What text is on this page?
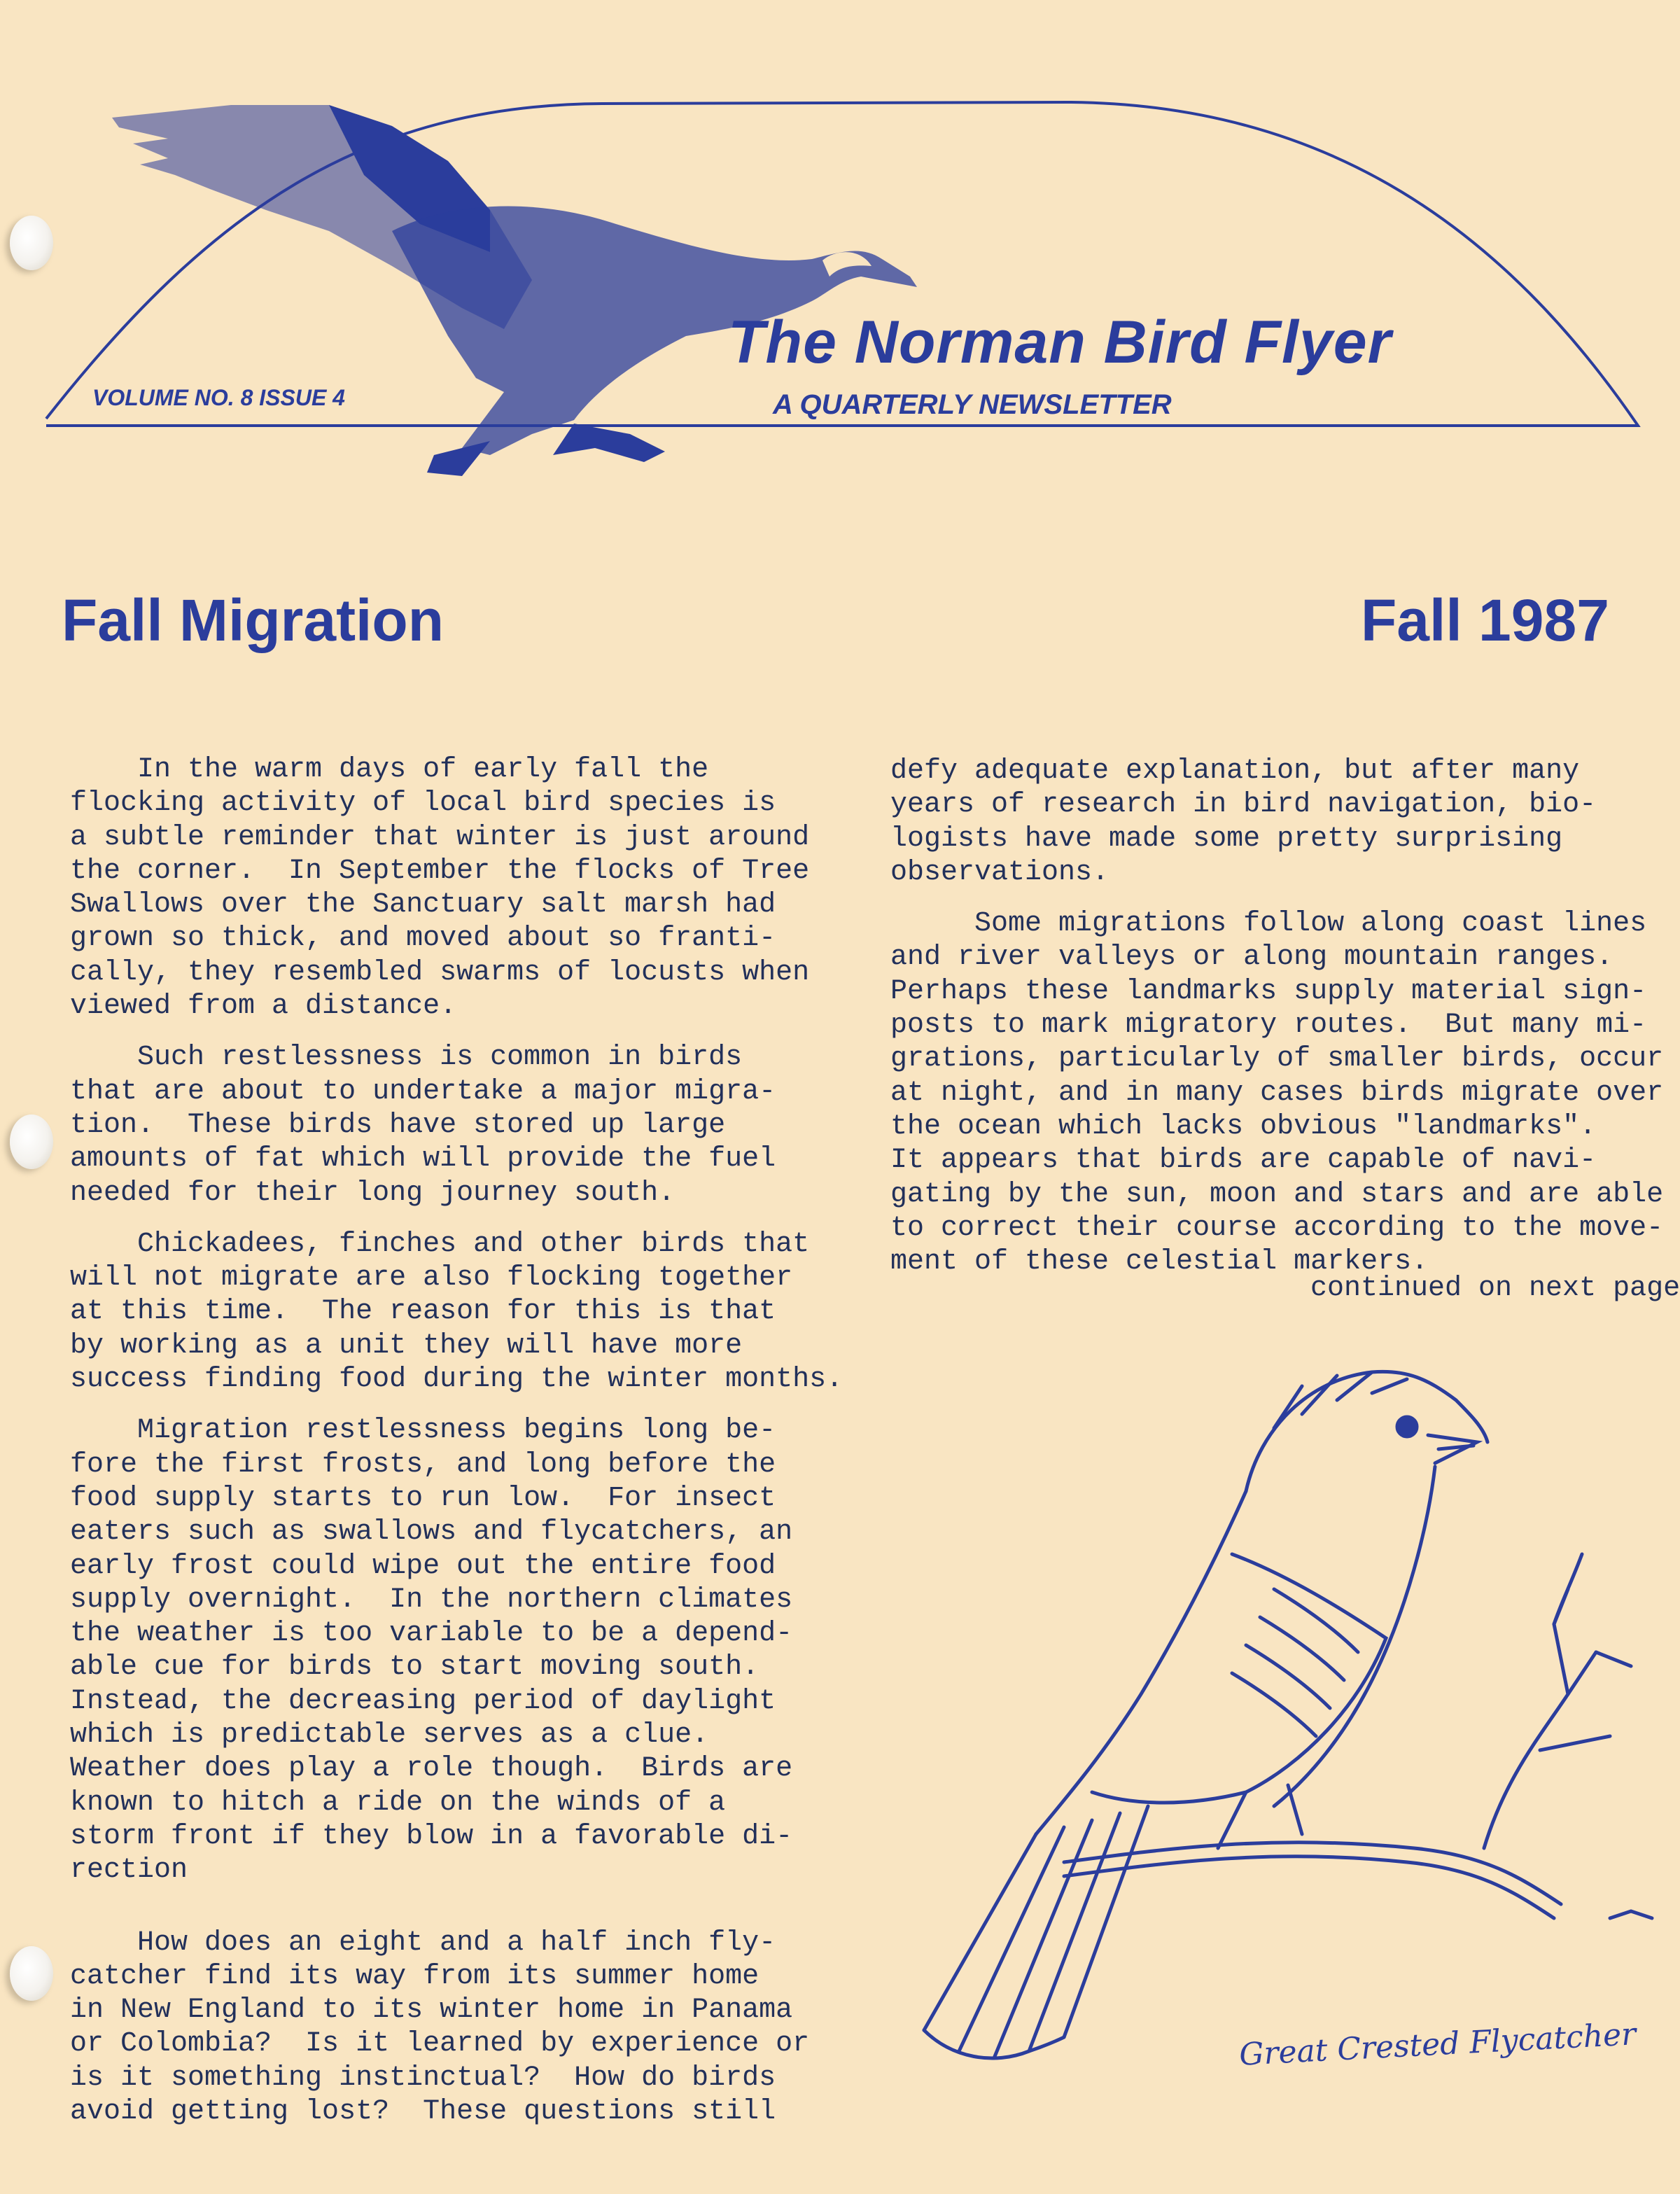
The Norman Bird Flyer
A QUARTERLY NEWSLETTER
VOLUME NO. 8 ISSUE 4
Fall Migration	Fall 1987

In the warm days of early fall the
flocking activity of local bird species is
a subtle reminder that winter is just around
the corner.  In September the flocks of Tree
Swallows over the Sanctuary salt marsh had
grown so thick, and moved about so franti-
cally, they resembled swarms of locusts when
viewed from a distance.

Such restlessness is common in birds
that are about to undertake a major migra-
tion.  These birds have stored up large
amounts of fat which will provide the fuel
needed for their long journey south.

Chickadees, finches and other birds that
will not migrate are also flocking together
at this time.  The reason for this is that
by working as a unit they will have more
success finding food during the winter months.

Migration restlessness begins long be-
fore the first frosts, and long before the
food supply starts to run low.  For insect
eaters such as swallows and flycatchers, an
early frost could wipe out the entire food
supply overnight.  In the northern climates
the weather is too variable to be a depend-
able cue for birds to start moving south.
Instead, the decreasing period of daylight
which is predictable serves as a clue.
Weather does play a role though.  Birds are
known to hitch a ride on the winds of a
storm front if they blow in a favorable di-
rection

How does an eight and a half inch fly-
catcher find its way from its summer home
in New England to its winter home in Panama
or Colombia?  Is it learned by experience or
is it something instinctual?  How do birds
avoid getting lost?  These questions still

defy adequate explanation, but after many
years of research in bird navigation, bio-
logists have made some pretty surprising
observations.

Some migrations follow along coast lines
and river valleys or along mountain ranges.
Perhaps these landmarks supply material sign-
posts to mark migratory routes.  But many mi-
grations, particularly of smaller birds, occur
at night, and in many cases birds migrate over
the ocean which lacks obvious "landmarks".
It appears that birds are capable of navi-
gating by the sun, moon and stars and are able
to correct their course according to the move-
ment of these celestial markers.

continued on next page
Great Crested Flycatcher
